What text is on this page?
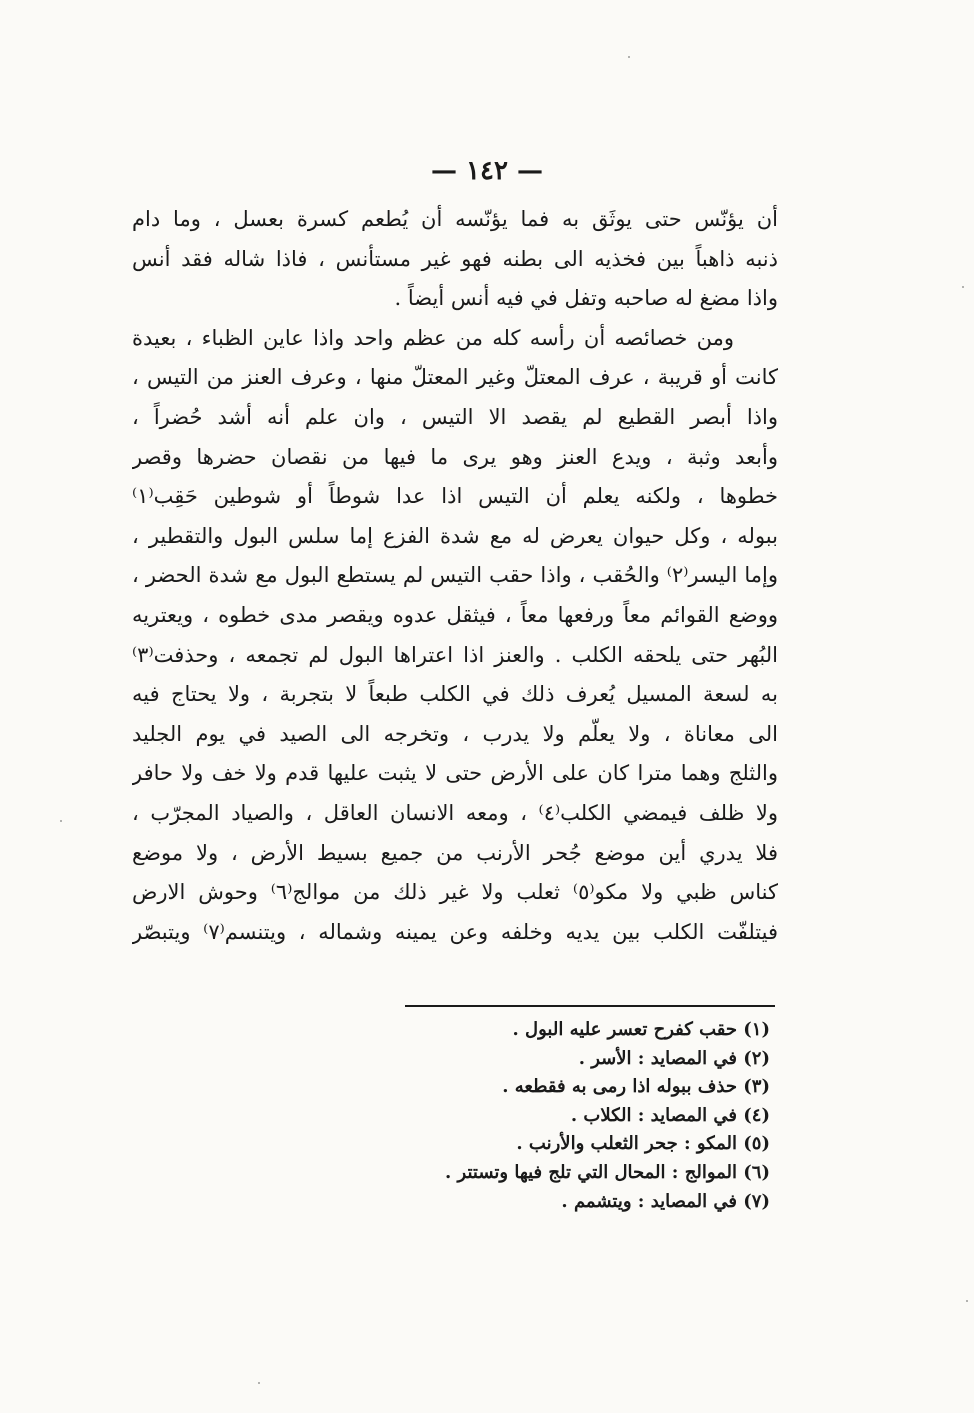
— ١٤٢ —
أن يؤنّس حتى يوثَق به فما يؤنّسه أن يُطعم كسرة بعسل ، وما دام
ذنبه ذاهباً بين فخذيه الى بطنه فهو غير مستأنس ، فاذا شاله فقد أنس
واذا مضغ له صاحبه وتفل في فيه أنس أيضاً .
ومن خصائصه أن رأسه كله من عظم واحد واذا عاين الظباء ، بعيدة
كانت أو قريبة ، عرف المعتلّ وغير المعتلّ منها ، وعرف العنز من التيس ،
واذا أبصر القطيع لم يقصد الا التيس ، وان علم أنه أشد حُضراً ،
وأبعد وثبة ، ويدع العنز وهو يرى ما فيها من نقصان حضرها وقصر
خطوها ، ولكنه يعلم أن التيس اذا عدا شوطاً أو شوطين حَقِب⁽١⁾
ببوله ، وكل حيوان يعرض له مع شدة الفزع إما سلس البول والتقطير ،
وإما اليسر⁽٢⁾ والحُقب ، واذا حقب التيس لم يستطع البول مع شدة الحضر ،
ووضع القوائم معاً ورفعها معاً ، فيثقل عدوه ويقصر مدى خطوه ، ويعتريه
البُهر حتى يلحقه الكلب . والعنز اذا اعتراها البول لم تجمعه ، وحذفت⁽٣⁾
به لسعة المسيل يُعرف ذلك في الكلب طبعاً لا بتجربة ، ولا يحتاج فيه
الى معاناة ، ولا يعلّم ولا يدرب ، وتخرجه الى الصيد في يوم الجليد
والثلج وهما مترا كان على الأرض حتى لا يثبت عليها قدم ولا خف ولا حافر
ولا ظلف فيمضي الكلب⁽٤⁾ ، ومعه الانسان العاقل ، والصياد المجرّب ،
فلا يدري أين موضع جُحر الأرنب من جميع بسيط الأرض ، ولا موضع
كناس ظبي ولا مكو⁽٥⁾ ثعلب ولا غير ذلك من موالج⁽٦⁾ وحوش الارض
فيتلفّت الكلب بين يديه وخلفه وعن يمينه وشماله ، ويتنسم⁽٧⁾ ويتبصّر
(١) حقب كفرح تعسر عليه البول .
(٢) في المصايد : الأسر .
(٣) حذف ببوله اذا رمى به فقطعه .
(٤) في المصايد : الكلاب .
(٥) المكو : جحر الثعلب والأرنب .
(٦) الموالج : المحال التي تلج فيها وتستتر .
(٧) في المصايد : ويتشمم .
